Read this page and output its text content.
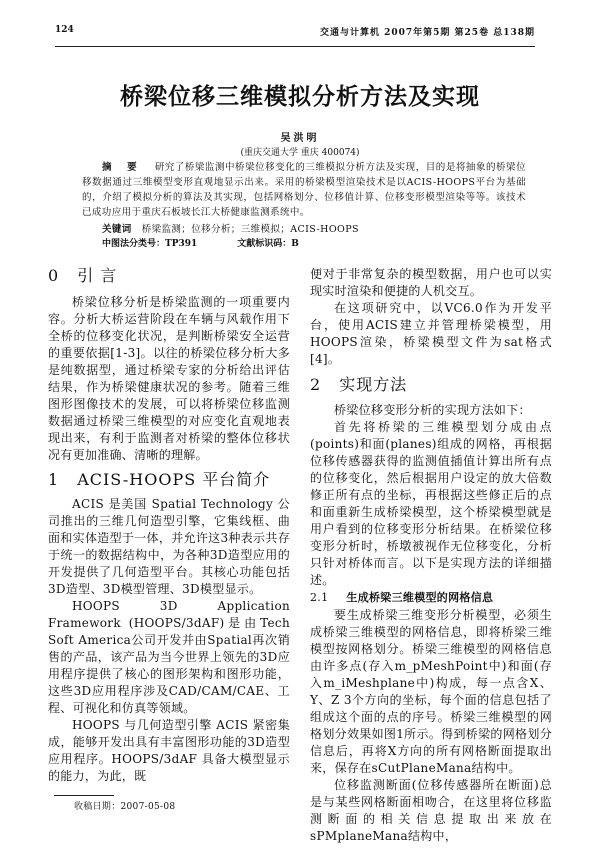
124	交通与计算机 2007年第5期 第25卷 总138期
桥梁位移三维模拟分析方法及实现
吴洪明
(重庆交通大学 重庆 400074)
摘 要 研究了桥梁监测中桥梁位移变化的三维模拟分析方法及实现，目的是将抽象的桥梁位移数据通过三维模型变形直观地显示出来。采用的桥梁模型渲染技术是以ACIS-HOOPS平台为基础的，介绍了模拟分析的算法及其实现，包括网格划分、位移值计算、位移变形模型渲染等等。该技术已成功应用于重庆石板坡长江大桥健康监测系统中。
关键词 桥梁监测；位移分析；三维模拟；ACIS-HOOPS
中图法分类号：TP391	文献标识码：B
0 引 言

桥梁位移分析是桥梁监测的一项重要内容。分析大桥运营阶段在车辆与风载作用下全桥的位移变化状况，是判断桥梁安全运营的重要依据[1-3]。以往的桥梁位移分析大多是纯数据型，通过桥梁专家的分析给出评估结果，作为桥梁健康状况的参考。随着三维图形图像技术的发展，可以将桥梁位移监测数据通过桥梁三维模型的对应变化直观地表现出来，有利于监测者对桥梁的整体位移状况有更加准确、清晰的理解。

1 ACIS-HOOPS 平台简介

ACIS 是美国 Spatial Technology 公司推出的三维几何造型引擎，它集线框、曲面和实体造型于一体，并允许这3种表示共存于统一的数据结构中，为各种3D造型应用的开发提供了几何造型平台。其核心功能包括3D造型、3D模型管理、3D模型显示。

HOOPS 3D Application Framework (HOOPS/3dAF)是由Tech Soft America公司开发并由Spatial再次销售的产品，该产品为当今世界上领先的3D应用程序提供了核心的图形架构和图形功能，这些3D应用程序涉及CAD/CAM/CAE、工程、可视化和仿真等领域。

HOOPS 与几何造型引擎 ACIS 紧密集成，能够开发出具有丰富图形功能的3D造型应用程序。HOOPS/3dAF 具备大模型显示的能力，为此，既

收稿日期：2007-05-08

便对于非常复杂的模型数据，用户也可以实现实时渲染和便捷的人机交互。

在这项研究中，以VC6.0作为开发平台，使用ACIS建立并管理桥梁模型，用HOOPS渲染，桥梁模型文件为sat格式[4]。

2 实现方法

桥梁位移变形分析的实现方法如下：

首先将桥梁的三维模型划分成由点(points)和面(planes)组成的网格，再根据位移传感器获得的监测值插值计算出所有点的位移变化，然后根据用户设定的放大倍数修正所有点的坐标，再根据这些修正后的点和面重新生成桥梁模型，这个桥梁模型就是用户看到的位移变形分析结果。在桥梁位移变形分析时，桥墩被视作无位移变化，分析只针对桥体而言。以下是实现方法的详细描述。

2.1 生成桥梁三维模型的网格信息

要生成桥梁三维变形分析模型，必须生成桥梁三维模型的网格信息，即将桥梁三维模型按网格划分。桥梁三维模型的网格信息由许多点(存入m_pMeshPoint中)和面(存入m_iMeshplane中)构成，每一点含X、Y、Z 3个方向的坐标，每个面的信息包括了组成这个面的点的序号。桥梁三维模型的网格划分效果如图1所示。得到桥梁的网格划分信息后，再将X方向的所有网格断面提取出来，保存在sCutPlaneMana结构中。

位移监测断面(位移传感器所在断面)总是与某些网格断面相吻合，在这里将位移监测断面的相关信息提取出来放在sPMplaneMana结构中，
